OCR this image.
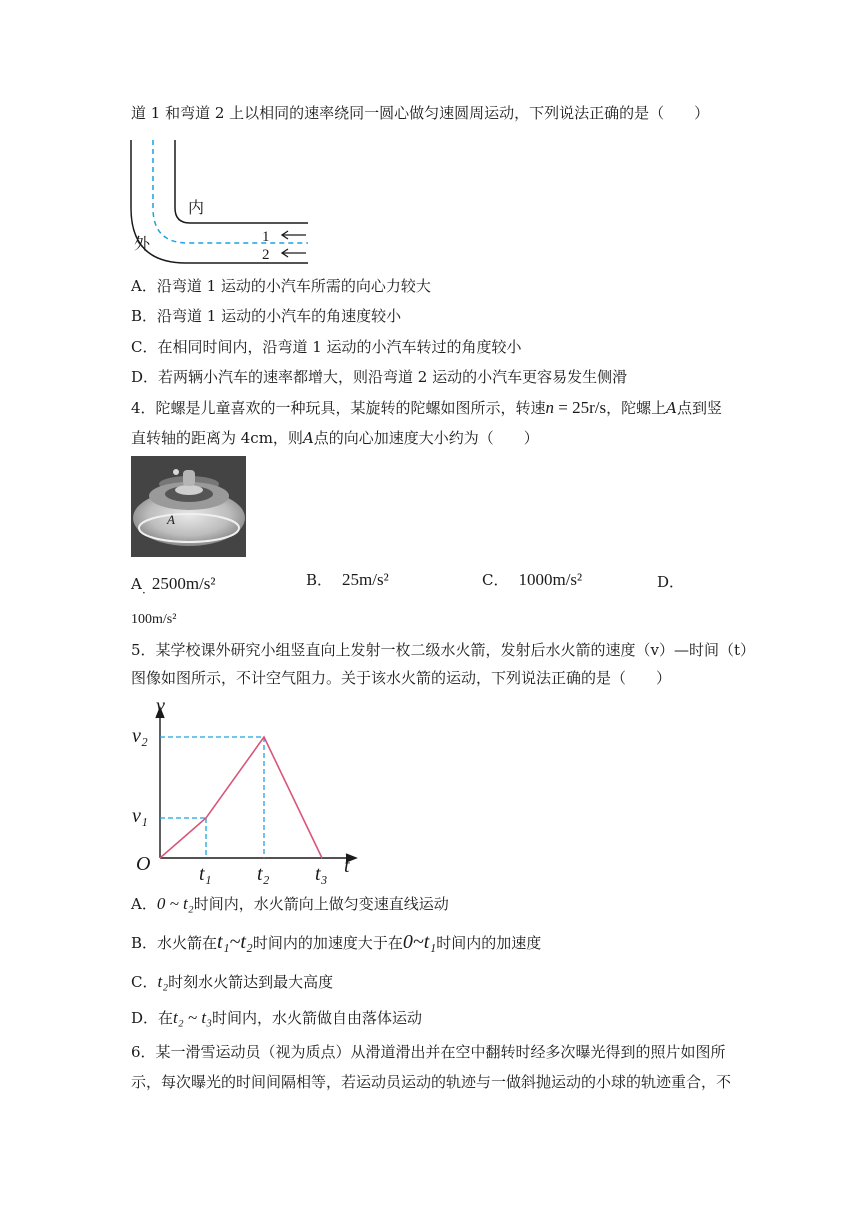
道 1 和弯道 2 上以相同的速率绕同一圆心做匀速圆周运动，下列说法正确的是（　　）
内
外	1
2
A．沿弯道 1 运动的小汽车所需的向心力较大
B．沿弯道 1 运动的小汽车的角速度较小
C．在相同时间内，沿弯道 1 运动的小汽车转过的角度较小
D．若两辆小汽车的速率都增大，则沿弯道 2 运动的小汽车更容易发生侧滑
4．陀螺是儿童喜欢的一种玩具，某旋转的陀螺如图所示，转速n = 25r/s，陀螺上A点到竖
直转轴的距离为 4cm，则A点的向心加速度大小约为（　　）
A
A 2500m/s²
·
B． 25m/s²	C． 1000m/s²	D．
100m/s²
5．某学校课外研究小组竖直向上发射一枚二级水火箭，发射后水火箭的速度（v）—时间（t）
图像如图所示，不计空气阻力。关于该水火箭的运动，下列说法正确的是（　　）
v
t
O
v₂
v₁
t₁ t₂ t₃
A．0 ~ t₂时间内，水火箭向上做匀变速直线运动
B．水火箭在t₁~t₂时间内的加速度大于在0~t₁时间内的加速度
C．t₂时刻水火箭达到最大高度
D．在t₂ ~ t₃时间内，水火箭做自由落体运动
6．某一滑雪运动员（视为质点）从滑道滑出并在空中翻转时经多次曝光得到的照片如图所
示，每次曝光的时间间隔相等，若运动员运动的轨迹与一做斜抛运动的小球的轨迹重合，不
